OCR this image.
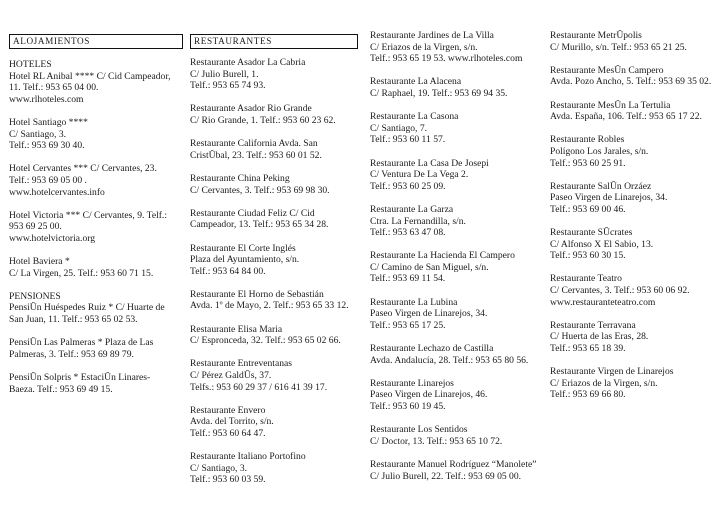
ALOJAMIENTOS
HOTELES
Hotel RL Anibal **** C/ Cid Campeador,
11. Telf.: 953 65 04 00.
www.rlhoteles.com
Hotel Santiago ****
C/ Santiago, 3.
Telf.: 953 69 30 40.
Hotel Cervantes *** C/ Cervantes, 23.
Telf.: 953 69 05 00 .
www.hotelcervantes.info
Hotel Victoria *** C/ Cervantes, 9. Telf.:
953 69 25 00.
www.hotelvictoria.org
Hotel Baviera *
C/ La Virgen, 25. Telf.: 953 60 71 15.
PENSIONES
PensiÛn Huéspedes Ruiz * C/ Huarte de
San Juan, 11. Telf.: 953 65 02 53.
PensiÛn Las Palmeras * Plaza de Las
Palmeras, 3. Telf.: 953 69 89 79.
PensiÛn Solpris * EstaciÛn Linares-
Baeza. Telf.: 953 69 49 15.
RESTAURANTES
Restaurante Asador La Cabria
C/ Julio Burell, 1.
Telf.: 953 65 74 93.
Restaurante Asador Rio Grande
C/ Rio Grande, 1. Telf.: 953 60 23 62.
Restaurante California Avda. San
CristÛbal, 23. Telf.: 953 60 01 52.
Restaurante China Peking
C/ Cervantes, 3. Telf.: 953 69 98 30.
Restaurante Ciudad Feliz C/ Cid
Campeador, 13. Telf.: 953 65 34 28.
Restaurante El Corte Inglés
Plaza del Ayuntamiento, s/n.
Telf.: 953 64 84 00.
Restaurante El Horno de Sebastián
Avda. 1º de Mayo, 2. Telf.: 953 65 33 12.
Restaurante Elisa Maria
C/ Espronceda, 32. Telf.: 953 65 02 66.
Restaurante Entreventanas
C/ Pérez GaldÛs, 37.
Telfs.: 953 60 29 37 / 616 41 39 17.
Restaurante Envero
Avda. del Torrito, s/n.
Telf.: 953 60 64 47.
Restaurante Italiano Portofino
C/ Santiago, 3.
Telf.: 953 60 03 59.
Restaurante Jardines de La Villa
C/ Eriazos de la Virgen, s/n.
Telf.: 953 65 19 53. www.rlhoteles.com
Restaurante La Alacena
C/ Raphael, 19. Telf.: 953 69 94 35.
Restaurante La Casona
C/ Santiago, 7.
Telf.: 953 60 11 57.
Restaurante La Casa De Josepi
C/ Ventura De La Vega 2.
Telf.: 953 60 25 09.
Restaurante La Garza
Ctra. La Fernandilla, s/n.
Telf.: 953 63 47 08.
Restaurante La Hacienda El Campero
C/ Camino de San Miguel, s/n.
Telf.: 953 69 11 54.
Restaurante La Lubina
Paseo Virgen de Linarejos, 34.
Telf.: 953 65 17 25.
Restaurante Lechazo de Castilla
Avda. Andalucía, 28. Telf.: 953 65 80 56.
Restaurante Linarejos
Paseo Virgen de Linarejos, 46.
Telf.: 953 60 19 45.
Restaurante Los Sentidos
C/ Doctor, 13. Telf.: 953 65 10 72.
Restaurante Manuel Rodríguez “Manolete”
C/ Julio Burell, 22. Telf.: 953 69 05 00.
Restaurante MetrÛpolis
C/ Murillo, s/n. Telf.: 953 65 21 25.
Restaurante MesÛn Campero
Avda. Pozo Ancho, 5. Telf.: 953 69 35 02.
Restaurante MesÛn La Tertulia
Avda. España, 106. Telf.: 953 65 17 22.
Restaurante Robles
Polígono Los Jarales, s/n.
Telf.: 953 60 25 91.
Restaurante SalÛn Orzáez
Paseo Virgen de Linarejos, 34.
Telf.: 953 69 00 46.
Restaurante SÛcrates
C/ Alfonso X El Sabio, 13.
Telf.: 953 60 30 15.
Restaurante Teatro
C/ Cervantes, 3. Telf.: 953 60 06 92.
www.restauranteteatro.com
Restaurante Terravana
C/ Huerta de las Eras, 28.
Telf.: 953 65 18 39.
Restaurante Virgen de Linarejos
C/ Eriazos de la Virgen, s/n.
Telf.: 953 69 66 80.
